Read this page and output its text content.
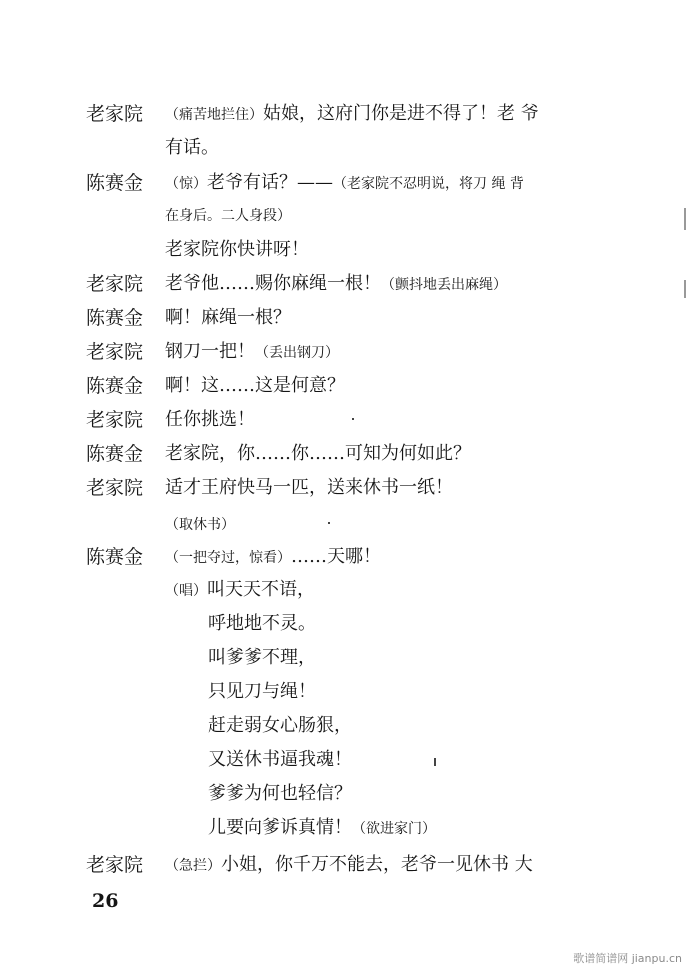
老家院	（痛苦地拦住）姑娘，这府门你是进不得了！老 爷
有话。
陈赛金	（惊）老爷有话？——（老家院不忍明说，将刀 绳 背
在身后。二人身段）
老家院你快讲呀！
老家院	老爷他……赐你麻绳一根！（颤抖地丢出麻绳）
陈赛金	啊！麻绳一根？
老家院	钢刀一把！（丢出钢刀）
陈赛金	啊！这……这是何意？
老家院	任你挑选！
陈赛金	老家院，你……你……可知为何如此？
老家院	适才王府快马一匹，送来休书一纸！
（取休书）
陈赛金	（一把夺过，惊看）……天哪！
（唱）叫天天不语，
呼地地不灵。
叫爹爹不理，
只见刀与绳！
赶走弱女心肠狠，
又送休书逼我魂！
爹爹为何也轻信？
儿要向爹诉真情！（欲进家门）
老家院	（急拦）小姐，你千万不能去，老爷一见休书 大
26
歌谱简谱网 jianpu.cn
